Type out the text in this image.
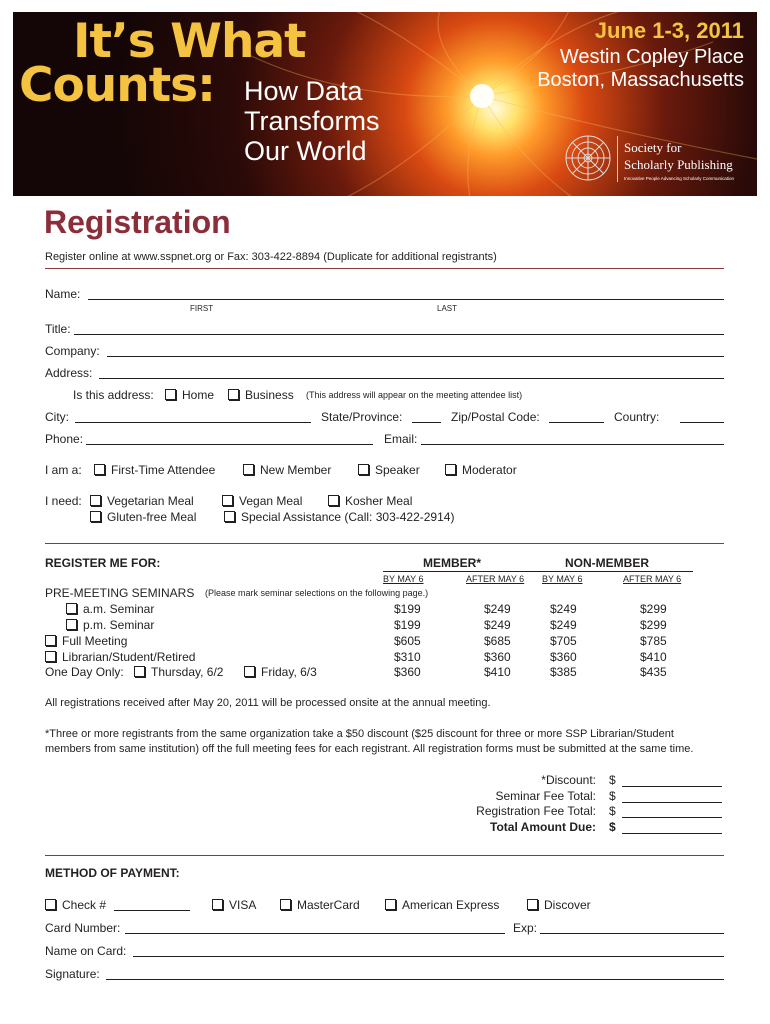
It’s What
Counts: How Data
Transforms
Our World
June 1-3, 2011
Westin Copley Place
Boston, Massachusetts
Society for
Scholarly Publishing
Innovative People Advancing Scholarly Communication
Registration
Register online at www.sspnet.org or Fax: 303-422-8894 (Duplicate for additional registrants)
Name:
FIRST	LAST
Title:
Company:
Address:
Is this address:	Home	Business (This address will appear on the meeting attendee list)
City:	State/Province:	Zip/Postal Code:	Country:
Phone:	Email:
I am a:	First-Time Attendee	New Member	Speaker	Moderator
I need:	Vegetarian Meal	Vegan Meal	Kosher Meal
Gluten-free Meal	Special Assistance (Call: 303-422-2914)
REGISTER ME FOR:	MEMBER*	NON-MEMBER
BY MAY 6	AFTER MAY 6 BY MAY 6	AFTER MAY 6
PRE-MEETING SEMINARS (Please mark seminar selections on the following page.)
a.m. Seminar	$199	$249	$249	$299
p.m. Seminar	$199	$249	$249	$299
Full Meeting	$605	$685	$705	$785
Librarian/Student/Retired	$310	$360	$360	$410
One Day Only:	Thursday, 6/2	Friday, 6/3	$360	$410	$385	$435
All registrations received after May 20, 2011 will be processed onsite at the annual meeting.
*Three or more registrants from the same organization take a $50 discount ($25 discount for three or more SSP Librarian/Student
members from same institution) off the full meeting fees for each registrant. All registration forms must be submitted at the same time.
*Discount: $
Seminar Fee Total: $
Registration Fee Total: $
Total Amount Due: $
METHOD OF PAYMENT:
Check #	VISA	MasterCard	American Express	Discover
Card Number:	Exp:
Name on Card:
Signature:
